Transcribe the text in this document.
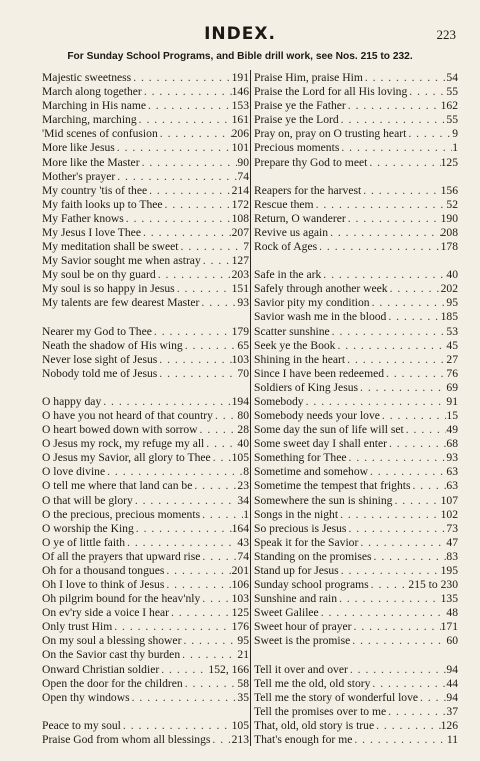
INDEX.	223
For Sunday School Programs, and Bible drill work, see Nos. 215 to 232.
Majestic sweetness . . .	191
March along together . . .	146
Marching in His name . . .	153
Marching, marching . . .	161
'Mid scenes of confusion . . .	206
More like Jesus . . .	101
More like the Master . . .	90
Mother's prayer . . .	74
My country 'tis of thee . . .	214
My faith looks up to Thee . . .	172
My Father knows . . .	108
My Jesus I love Thee . . .	207
My meditation shall be sweet . . .	7
My Savior sought me when astray . . .	127
My soul be on thy guard . . .	203
My soul is so happy in Jesus . . .	151
My talents are few dearest Master . . .	93
Nearer my God to Thee . . .	179
Neath the shadow of His wing . . .	65
Never lose sight of Jesus . . .	103
Nobody told me of Jesus . . .	70
O happy day . . .	194
O have you not heard of that country . . . 80
O heart bowed down with sorrow . . .	28
O Jesus my rock, my refuge my all . . .	40
O Jesus my Savior, all glory to Thee . . . 105
O love divine . . .	8
O tell me where that land can be . . .	23
O that will be glory . . .	34
O the precious, precious moments . . .	1
O worship the King . . .	164
O ye of little faith . . .	43
Of all the prayers that upward rise . . .	74
Oh for a thousand tongues . . .	201
Oh I love to think of Jesus . . .	106
Oh pilgrim bound for the heav'nly . . .	103
On ev'ry side a voice I hear . . .	125
Only trust Him . . .	176
On my soul a blessing shower . . .	95
On the Savior cast thy burden . . .	21
Onward Christian soldier . . .	152, 166
Open the door for the children . . .	58
Open thy windows . . .	35
Peace to my soul . . .	105
Praise God from whom all blessings . . . 213
Praise Him, praise Him . . .	54
Praise the Lord for all His loving . . .	55
Praise ye the Father . . .	162
Praise ye the Lord . . .	55
Pray on, pray on O trusting heart . . .	9
Precious moments . . .	1
Prepare thy God to meet . . .	125
Reapers for the harvest . . .	156
Rescue them . . .	52
Return, O wanderer . . .	190
Revive us again . . .	208
Rock of Ages . . .	178
Safe in the ark . . .	40
Safely through another week . . .	202
Savior pity my condition . . .	95
Savior wash me in the blood . . .	185
Scatter sunshine . . .	53
Seek ye the Book . . .	45
Shining in the heart . . .	27
Since I have been redeemed . . .	76
Soldiers of King Jesus . . .	69
Somebody . . .	91
Somebody needs your love . . .	15
Some day the sun of life will set . . .	49
Some sweet day I shall enter . . .	68
Something for Thee . . .	93
Sometime and somehow . . .	63
Sometime the tempest that frights . . .	63
Somewhere the sun is shining . . .	107
Songs in the night . . .	102
So precious is Jesus . . .	73
Speak it for the Savior . . .	47
Standing on the promises . . .	83
Stand up for Jesus . . .	195
Sunday school programs . . .	215 to 230
Sunshine and rain . . .	135
Sweet Galilee . . .	48
Sweet hour of prayer . . .	171
Sweet is the promise . . .	60
Tell it over and over . . .	94
Tell me the old, old story . . .	44
Tell me the story of wonderful love . . . 94
Tell the promises over to me . . .	37
That, old, old story is true . . .	126
That's enough for me . . .	11
